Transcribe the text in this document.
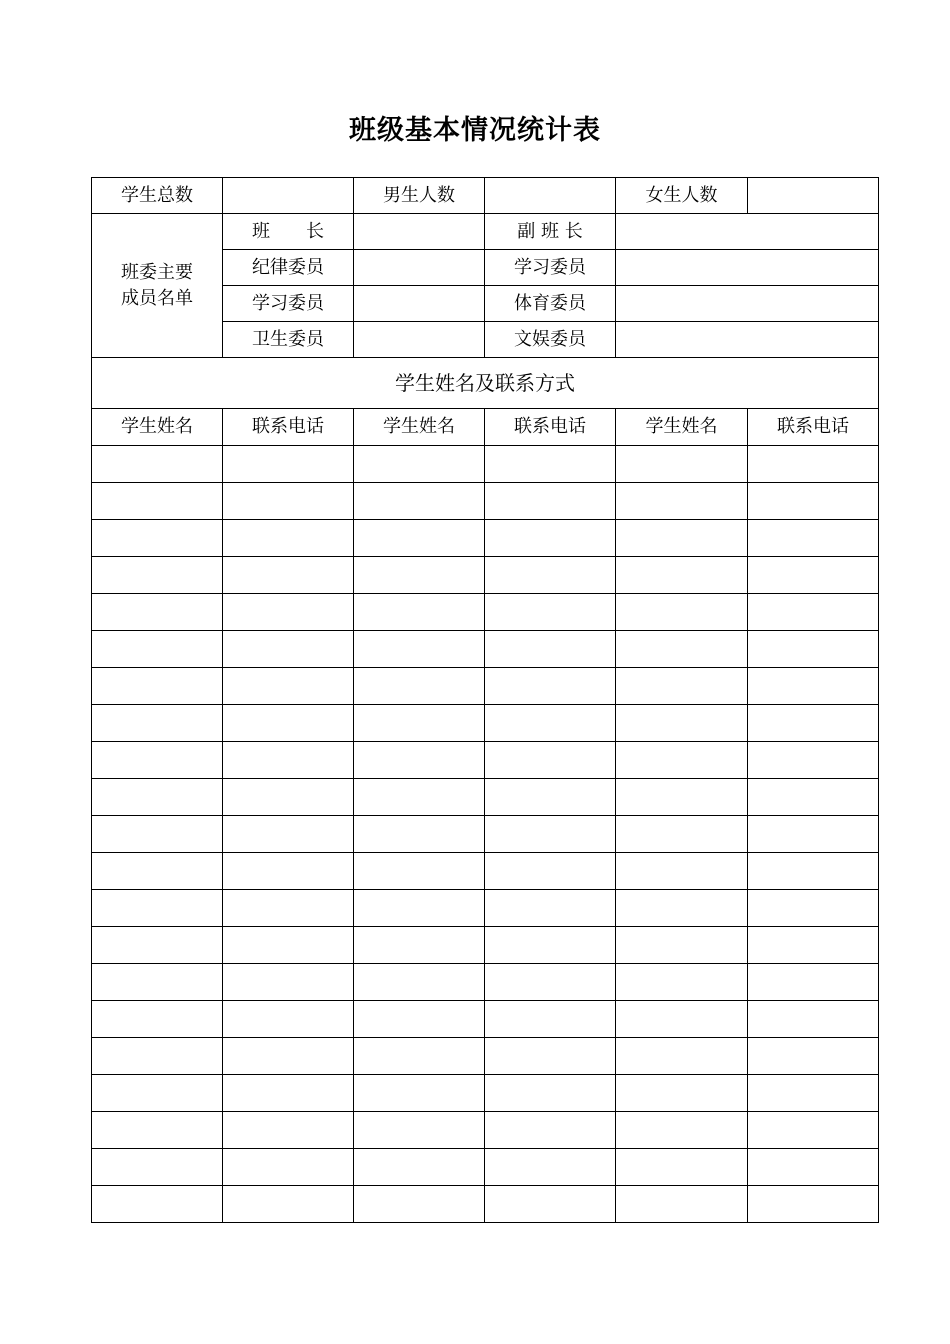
班级基本情况统计表
学生总数		男生人数		女生人数	

班委主要
成员名单	班　　长		副 班 长		
	纪律委员		学习委员		
	学习委员		体育委员		
	卫生委员		文娱委员		
学生姓名及联系方式					
学生姓名	联系电话	学生姓名	联系电话	学生姓名	联系电话
